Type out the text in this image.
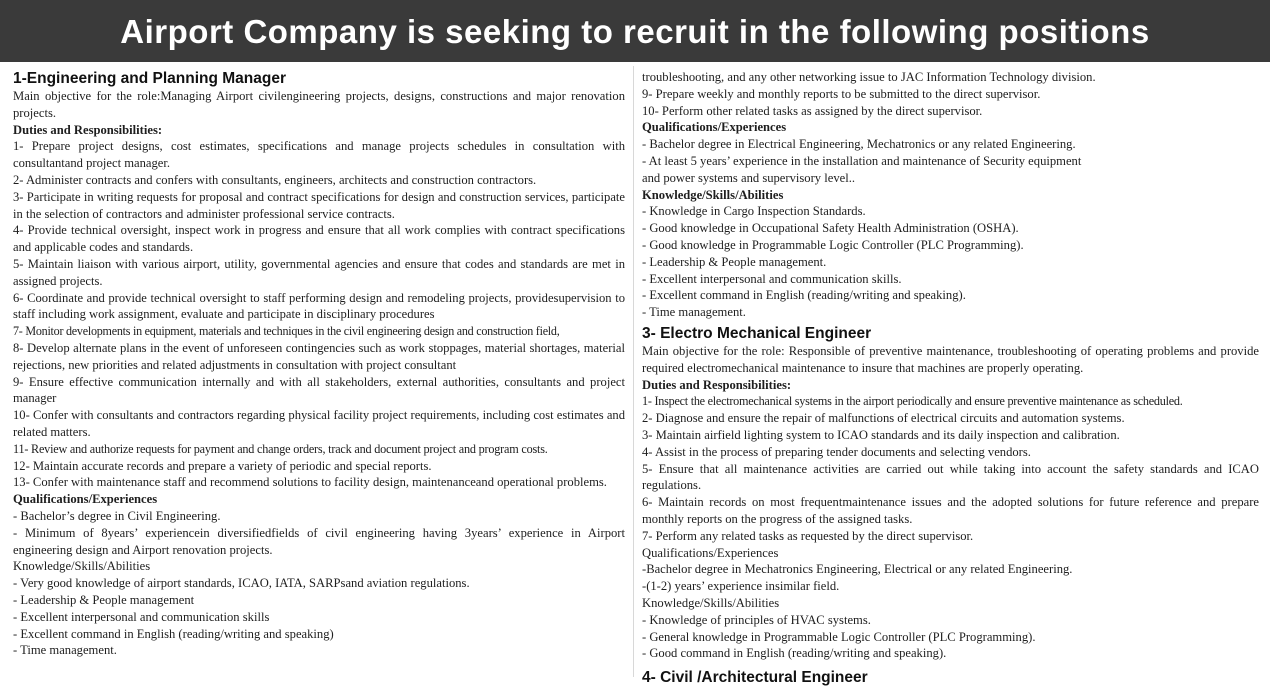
Airport Company is seeking to recruit in the following positions
1-Engineering and Planning Manager
Main objective for the role:Managing Airport civilengineering projects, designs, constructions and major renovation projects.
Duties and Responsibilities:
1- Prepare project designs, cost estimates, specifications and manage projects schedules in consultation with consultantand project manager.
2- Administer contracts and confers with consultants, engineers, architects and construction contractors.
3- Participate in writing requests for proposal and contract specifications for design and construction services, participate in the selection of contractors and administer professional service contracts.
4- Provide technical oversight, inspect work in progress and ensure that all work complies with contract specifications and applicable codes and standards.
5- Maintain liaison with various airport, utility, governmental agencies and ensure that codes and standards are met in assigned projects.
6- Coordinate and provide technical oversight to staff performing design and remodeling projects, providesupervision to staff including work assignment, evaluate and participate in disciplinary procedures
7- Monitor developments in equipment, materials and techniques in the civil engineering design and construction field,
8- Develop alternate plans in the event of unforeseen contingencies such as work stoppages, material shortages, material rejections, new priorities and related adjustments in consultation with project consultant
9- Ensure effective communication internally and with all stakeholders, external authorities, consultants and project manager
10- Confer with consultants and contractors regarding physical facility project requirements, including cost estimates and related matters.
11- Review and authorize requests for payment and change orders, track and document project and program costs.
12- Maintain accurate records and prepare a variety of periodic and special reports.
13- Confer with maintenance staff and recommend solutions to facility design, maintenanceand operational problems.
Qualifications/Experiences
- Bachelor’s degree in Civil Engineering.
- Minimum of 8years’ experiencein diversifiedfields of civil engineering having 3years’ experience in Airport engineering design and Airport renovation projects.
Knowledge/Skills/Abilities
- Very good knowledge of airport standards, ICAO, IATA, SARPsand aviation regulations.
- Leadership & People management
- Excellent interpersonal and communication skills
- Excellent command in English (reading/writing and speaking)
- Time management.
troubleshooting, and any other networking issue to JAC Information Technology division.
9- Prepare weekly and monthly reports to be submitted to the direct supervisor.
10- Perform other related tasks as assigned by the direct supervisor.
Qualifications/Experiences
- Bachelor degree in Electrical Engineering, Mechatronics or any related Engineering.
- At least 5 years’ experience in the installation and maintenance of Security equipment
and power systems and supervisory level..
Knowledge/Skills/Abilities
- Knowledge in Cargo Inspection Standards.
- Good knowledge in Occupational Safety Health Administration (OSHA).
- Good knowledge in Programmable Logic Controller (PLC Programming).
- Leadership & People management.
- Excellent interpersonal and communication skills.
- Excellent command in English (reading/writing and speaking).
- Time management.
3- Electro Mechanical Engineer
Main objective for the role: Responsible of preventive maintenance, troubleshooting of operating problems and provide required electromechanical maintenance to insure that machines are properly operating.
Duties and Responsibilities:
1- Inspect the electromechanical systems in the airport periodically and ensure preventive maintenance as scheduled.
2- Diagnose and ensure the repair of malfunctions of electrical circuits and automation systems.
3- Maintain airfield lighting system to ICAO standards and its daily inspection and calibration.
4- Assist in the process of preparing tender documents and selecting vendors.
5- Ensure that all maintenance activities are carried out while taking into account the safety standards and ICAO regulations.
6- Maintain records on most frequentmaintenance issues and the adopted solutions for future reference and prepare monthly reports on the progress of the assigned tasks.
7- Perform any related tasks as requested by the direct supervisor.
Qualifications/Experiences
-Bachelor degree in Mechatronics Engineering, Electrical or any related Engineering.
-(1-2) years’ experience insimilar field.
Knowledge/Skills/Abilities
- Knowledge of principles of HVAC systems.
- General knowledge in Programmable Logic Controller (PLC Programming).
- Good command in English (reading/writing and speaking).
4- Civil /Architectural Engineer
